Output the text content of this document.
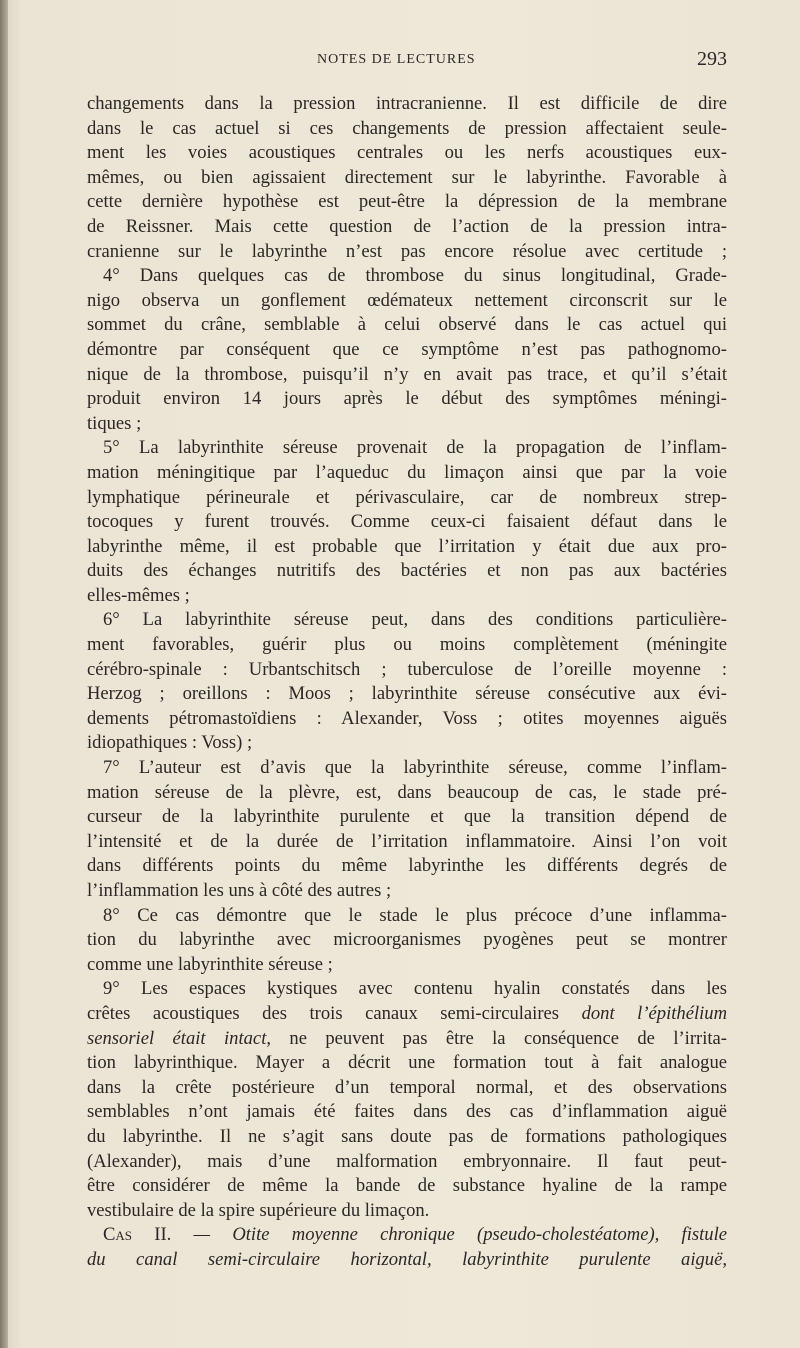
NOTES DE LECTURES	293
changements dans la pression intracranienne. Il est difficile de dire
dans le cas actuel si ces changements de pression affectaient seule-
ment les voies acoustiques centrales ou les nerfs acoustiques eux-
mêmes, ou bien agissaient directement sur le labyrinthe. Favorable à
cette dernière hypothèse est peut-être la dépression de la membrane
de Reissner. Mais cette question de l’action de la pression intra-
cranienne sur le labyrinthe n’est pas encore résolue avec certitude ;
4° Dans quelques cas de thrombose du sinus longitudinal, Grade-
nigo observa un gonflement œdémateux nettement circonscrit sur le
sommet du crâne, semblable à celui observé dans le cas actuel qui
démontre par conséquent que ce symptôme n’est pas pathognomo-
nique de la thrombose, puisqu’il n’y en avait pas trace, et qu’il s’était
produit environ 14 jours après le début des symptômes méningi-
tiques ;
5° La labyrinthite séreuse provenait de la propagation de l’inflam-
mation méningitique par l’aqueduc du limaçon ainsi que par la voie
lymphatique périneurale et périvasculaire, car de nombreux strep-
tocoques y furent trouvés. Comme ceux-ci faisaient défaut dans le
labyrinthe même, il est probable que l’irritation y était due aux pro-
duits des échanges nutritifs des bactéries et non pas aux bactéries
elles-mêmes ;
6° La labyrinthite séreuse peut, dans des conditions particulière-
ment favorables, guérir plus ou moins complètement (méningite
cérébro-spinale : Urbantschitsch ; tuberculose de l’oreille moyenne :
Herzog ; oreillons : Moos ; labyrinthite séreuse consécutive aux évi-
dements pétromastoïdiens : Alexander, Voss ; otites moyennes aiguës
idiopathiques : Voss) ;
7° L’auteur est d’avis que la labyrinthite séreuse, comme l’inflam-
mation séreuse de la plèvre, est, dans beaucoup de cas, le stade pré-
curseur de la labyrinthite purulente et que la transition dépend de
l’intensité et de la durée de l’irritation inflammatoire. Ainsi l’on voit
dans différents points du même labyrinthe les différents degrés de
l’inflammation les uns à côté des autres ;
8° Ce cas démontre que le stade le plus précoce d’une inflamma-
tion du labyrinthe avec microorganismes pyogènes peut se montrer
comme une labyrinthite séreuse ;
9° Les espaces kystiques avec contenu hyalin constatés dans les
crêtes acoustiques des trois canaux semi-circulaires dont l’épithélium
sensoriel était intact, ne peuvent pas être la conséquence de l’irrita-
tion labyrinthique. Mayer a décrit une formation tout à fait analogue
dans la crête postérieure d’un temporal normal, et des observations
semblables n’ont jamais été faites dans des cas d’inflammation aiguë
du labyrinthe. Il ne s’agit sans doute pas de formations pathologiques
(Alexander), mais d’une malformation embryonnaire. Il faut peut-
être considérer de même la bande de substance hyaline de la rampe
vestibulaire de la spire supérieure du limaçon.
Cas II. — Otite moyenne chronique (pseudo-cholestéatome), fistule
du canal semi-circulaire horizontal, labyrinthite purulente aiguë,
